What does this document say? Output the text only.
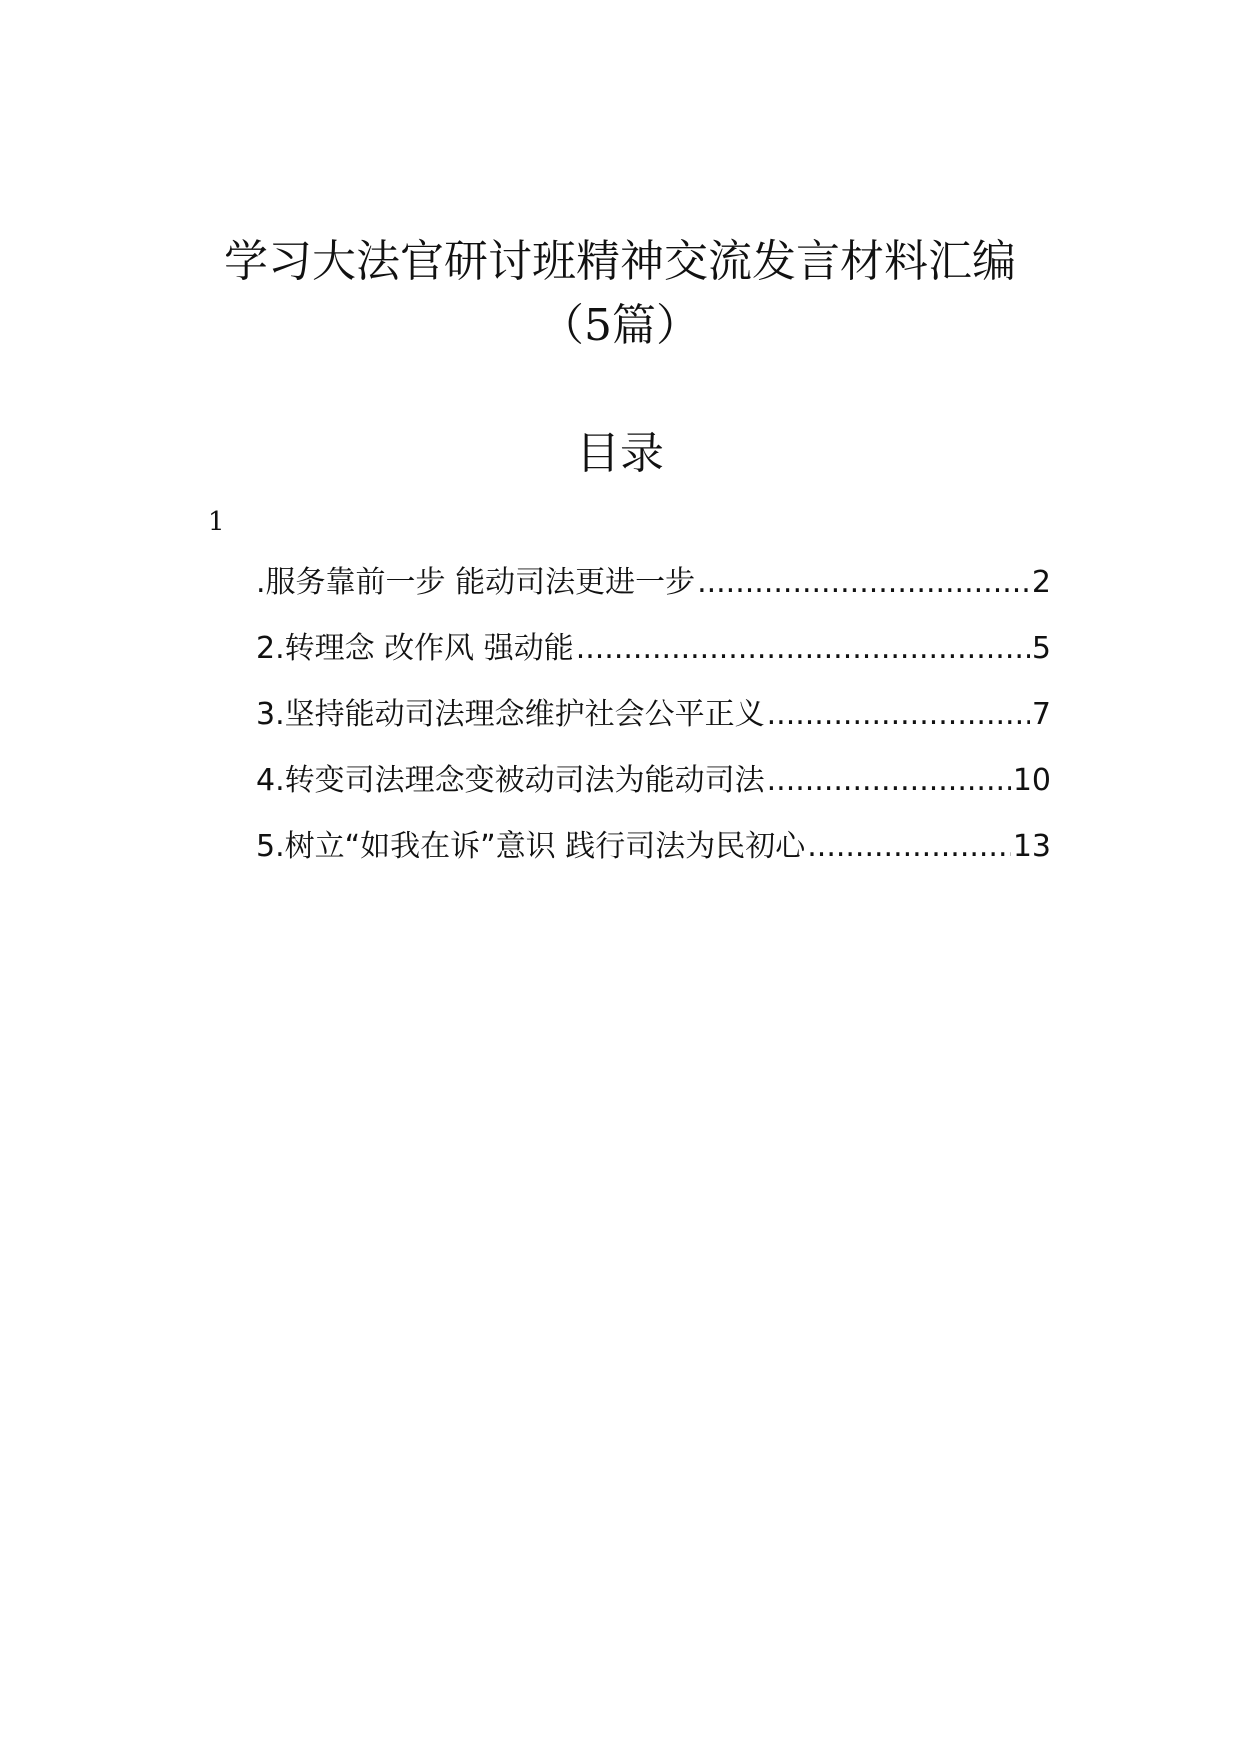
学习大法官研讨班精神交流发言材料汇编
（5篇）
目录
1
.服务靠前一步 能动司法更进一步 .....	2
2.转理念 改作风 强动能 .....	5
3.坚持能动司法理念维护社会公平正义 .....	7
4.转变司法理念变被动司法为能动司法 .....	10
5.树立“如我在诉”意识 践行司法为民初心 .....	13
